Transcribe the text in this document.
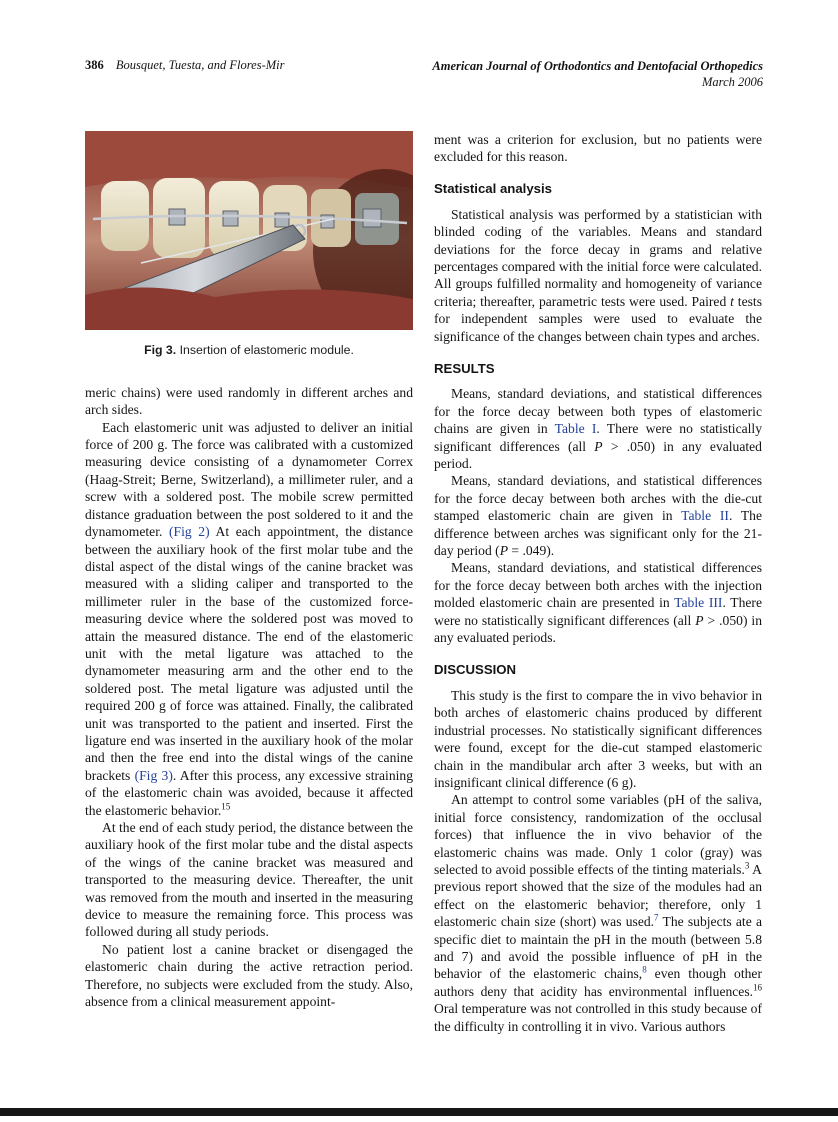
386 Bousquet, Tuesta, and Flores-Mir	American Journal of Orthodontics and Dentofacial Orthopedics
March 2006
Fig 3. Insertion of elastomeric module.

meric chains) were used randomly in different arches and arch sides.

Each elastomeric unit was adjusted to deliver an initial force of 200 g. The force was calibrated with a customized measuring device consisting of a dynamometer Correx (Haag-Streit; Berne, Switzerland), a millimeter ruler, and a screw with a soldered post. The mobile screw permitted distance graduation between the post soldered to it and the dynamometer. (Fig 2) At each appointment, the distance between the auxiliary hook of the first molar tube and the distal aspect of the distal wings of the canine bracket was measured with a sliding caliper and transported to the millimeter ruler in the base of the customized force-measuring device where the soldered post was moved to attain the measured distance. The end of the elastomeric unit with the metal ligature was attached to the dynamometer measuring arm and the other end to the soldered post. The metal ligature was adjusted until the required 200 g of force was attained. Finally, the calibrated unit was transported to the patient and inserted. First the ligature end was inserted in the auxiliary hook of the molar and then the free end into the distal wings of the canine brackets (Fig 3). After this process, any excessive straining of the elastomeric chain was avoided, because it affected the elastomeric behavior.$^{15}$

At the end of each study period, the distance between the auxiliary hook of the first molar tube and the distal aspects of the wings of the canine bracket was measured and transported to the measuring device. Thereafter, the unit was removed from the mouth and inserted in the measuring device to measure the remaining force. This process was followed during all study periods.

No patient lost a canine bracket or disengaged the elastomeric chain during the active retraction period. Therefore, no subjects were excluded from the study. Also, absence from a clinical measurement appoint-

ment was a criterion for exclusion, but no patients were excluded for this reason.

Statistical analysis

Statistical analysis was performed by a statistician with blinded coding of the variables. Means and standard deviations for the force decay in grams and relative percentages compared with the initial force were calculated. All groups fulfilled normality and homogeneity of variance criteria; thereafter, parametric tests were used. Paired t tests for independent samples were used to evaluate the significance of the changes between chain types and arches.

RESULTS

Means, standard deviations, and statistical differences for the force decay between both types of elastomeric chains are given in Table I. There were no statistically significant differences (all P > .050) in any evaluated period.

Means, standard deviations, and statistical differences for the force decay between both arches with the die-cut stamped elastomeric chain are given in Table II. The difference between arches was significant only for the 21-day period (P = .049).

Means, standard deviations, and statistical differences for the force decay between both arches with the injection molded elastomeric chain are presented in Table III. There were no statistically significant differences (all P > .050) in any evaluated periods.

DISCUSSION

This study is the first to compare the in vivo behavior in both arches of elastomeric chains produced by different industrial processes. No statistically significant differences were found, except for the die-cut stamped elastomeric chain in the mandibular arch after 3 weeks, but with an insignificant clinical difference (6 g).

An attempt to control some variables (pH of the saliva, initial force consistency, randomization of the occlusal forces) that influence the in vivo behavior of the elastomeric chains was made. Only 1 color (gray) was selected to avoid possible effects of the tinting materials.$^3$ A previous report showed that the size of the modules had an effect on the elastomeric behavior; therefore, only 1 elastomeric chain size (short) was used.$^7$ The subjects ate a specific diet to maintain the pH in the mouth (between 5.8 and 7) and avoid the possible influence of pH in the behavior of the elastomeric chains,$^8$ even though other authors deny that acidity has environmental influences.$^{16}$ Oral temperature was not controlled in this study because of the difficulty in controlling it in vivo. Various authors
